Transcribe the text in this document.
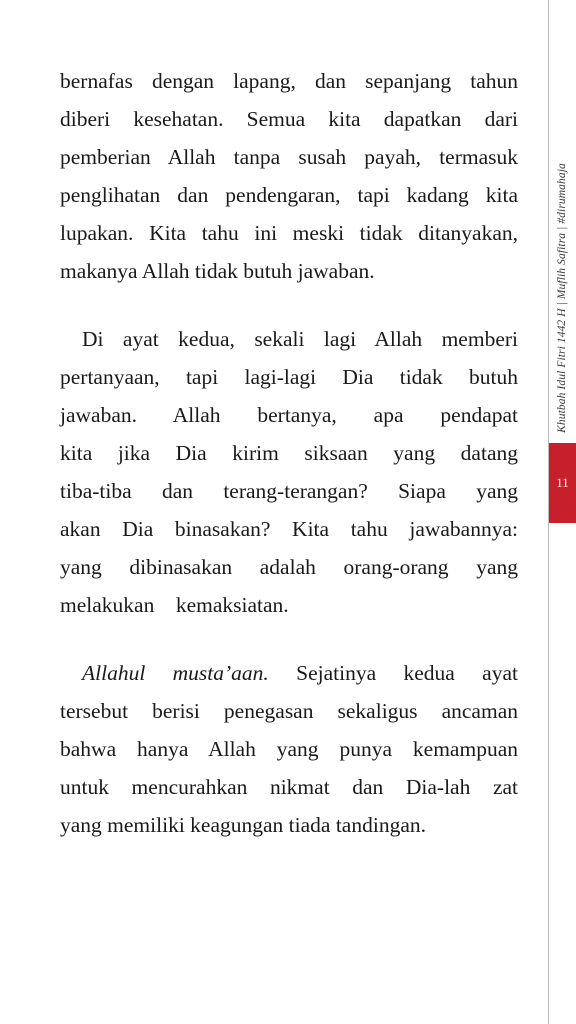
bernafas dengan lapang, dan sepanjang tahun
diberi kesehatan. Semua kita dapatkan dari
pemberian Allah tanpa susah payah, termasuk
penglihatan dan pendengaran, tapi kadang kita
lupakan. Kita tahu ini meski tidak ditanyakan,
makanya Allah tidak butuh jawaban.

Di ayat kedua, sekali lagi Allah memberi
pertanyaan, tapi lagi-lagi Dia tidak butuh
jawaban. Allah bertanya, apa pendapat
kita jika Dia kirim siksaan yang datang
tiba-tiba dan terang-terangan? Siapa yang
akan Dia binasakan? Kita tahu jawabannya:
yang dibinasakan adalah orang-orang yang
melakukan    kemaksiatan.

Allahul musta’aan. Sejatinya kedua ayat
tersebut berisi penegasan sekaligus ancaman
bahwa hanya Allah yang punya kemampuan
untuk mencurahkan nikmat dan Dia-lah zat
yang memiliki keagungan tiada tandingan.

Khutbah Idul Fitri 1442 H | Muflih Safitra | #dirumahaja
11
